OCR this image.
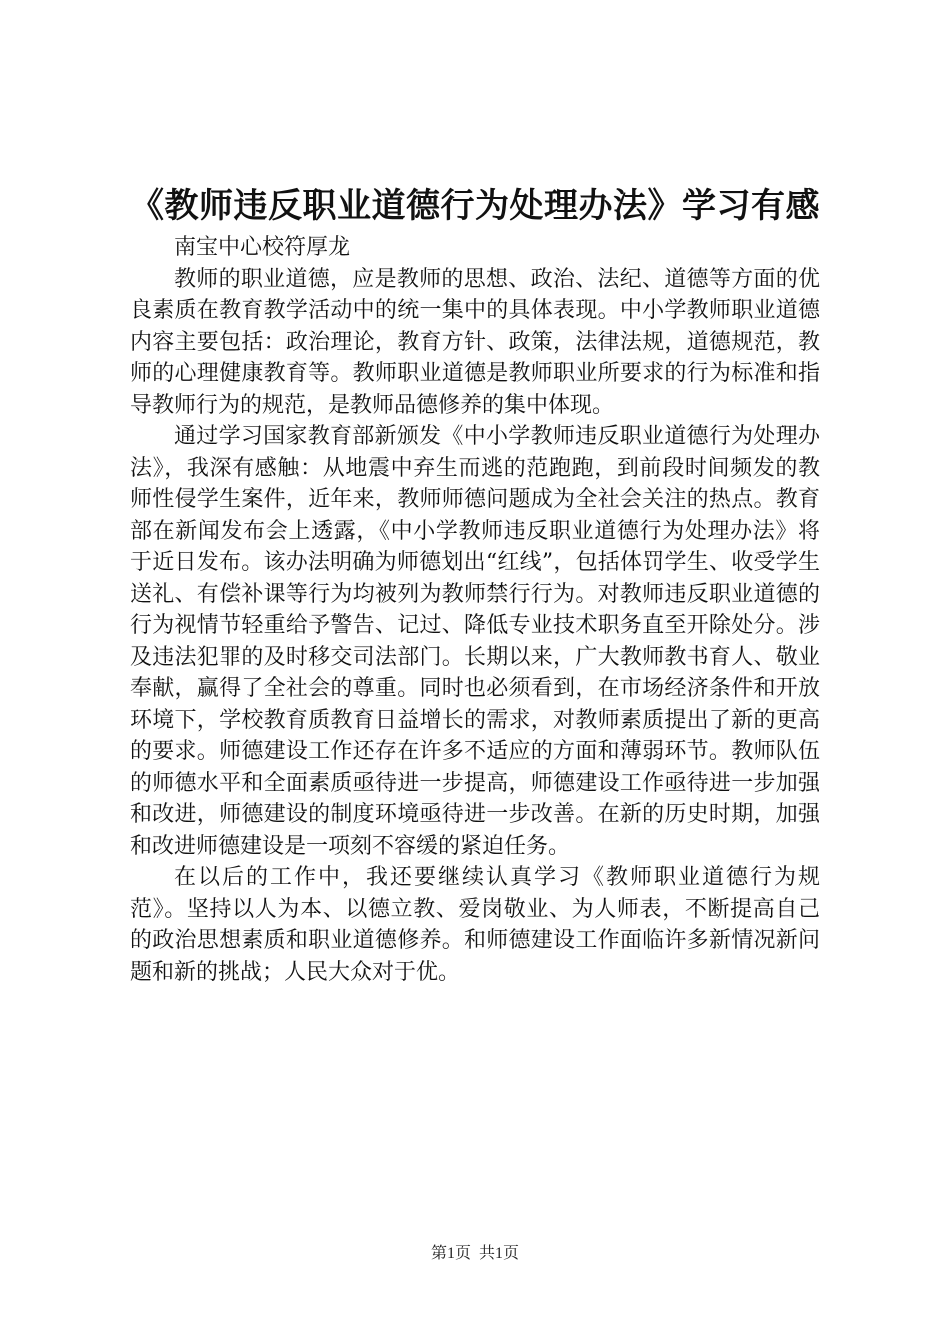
《教师违反职业道德行为处理办法》学习有感
南宝中心校符厚龙

教师的职业道德，应是教师的思想、政治、法纪、道德等方面的优良素质在教育教学活动中的统一集中的具体表现。中小学教师职业道德内容主要包括：政治理论，教育方针、政策，法律法规，道德规范，教师的心理健康教育等。教师职业道德是教师职业所要求的行为标准和指导教师行为的规范，是教师品德修养的集中体现。

通过学习国家教育部新颁发《中小学教师违反职业道德行为处理办法》，我深有感触：从地震中弃生而逃的范跑跑，到前段时间频发的教师性侵学生案件，近年来，教师师德问题成为全社会关注的热点。教育部在新闻发布会上透露，《中小学教师违反职业道德行为处理办法》将于近日发布。该办法明确为师德划出“红线”，包括体罚学生、收受学生送礼、有偿补课等行为均被列为教师禁行行为。对教师违反职业道德的行为视情节轻重给予警告、记过、降低专业技术职务直至开除处分。涉及违法犯罪的及时移交司法部门。长期以来，广大教师教书育人、敬业奉献，赢得了全社会的尊重。同时也必须看到，在市场经济条件和开放环境下，学校教育质教育日益增长的需求，对教师素质提出了新的更高的要求。师德建设工作还存在许多不适应的方面和薄弱环节。教师队伍的师德水平和全面素质亟待进一步提高，师德建设工作亟待进一步加强和改进，师德建设的制度环境亟待进一步改善。在新的历史时期，加强和改进师德建设是一项刻不容缓的紧迫任务。

在以后的工作中，我还要继续认真学习《教师职业道德行为规范》。坚持以人为本、以德立教、爱岗敬业、为人师表，不断提高自己的政治思想素质和职业道德修养。和师德建设工作面临许多新情况新问题和新的挑战；人民大众对于优。

第1页 共1页
